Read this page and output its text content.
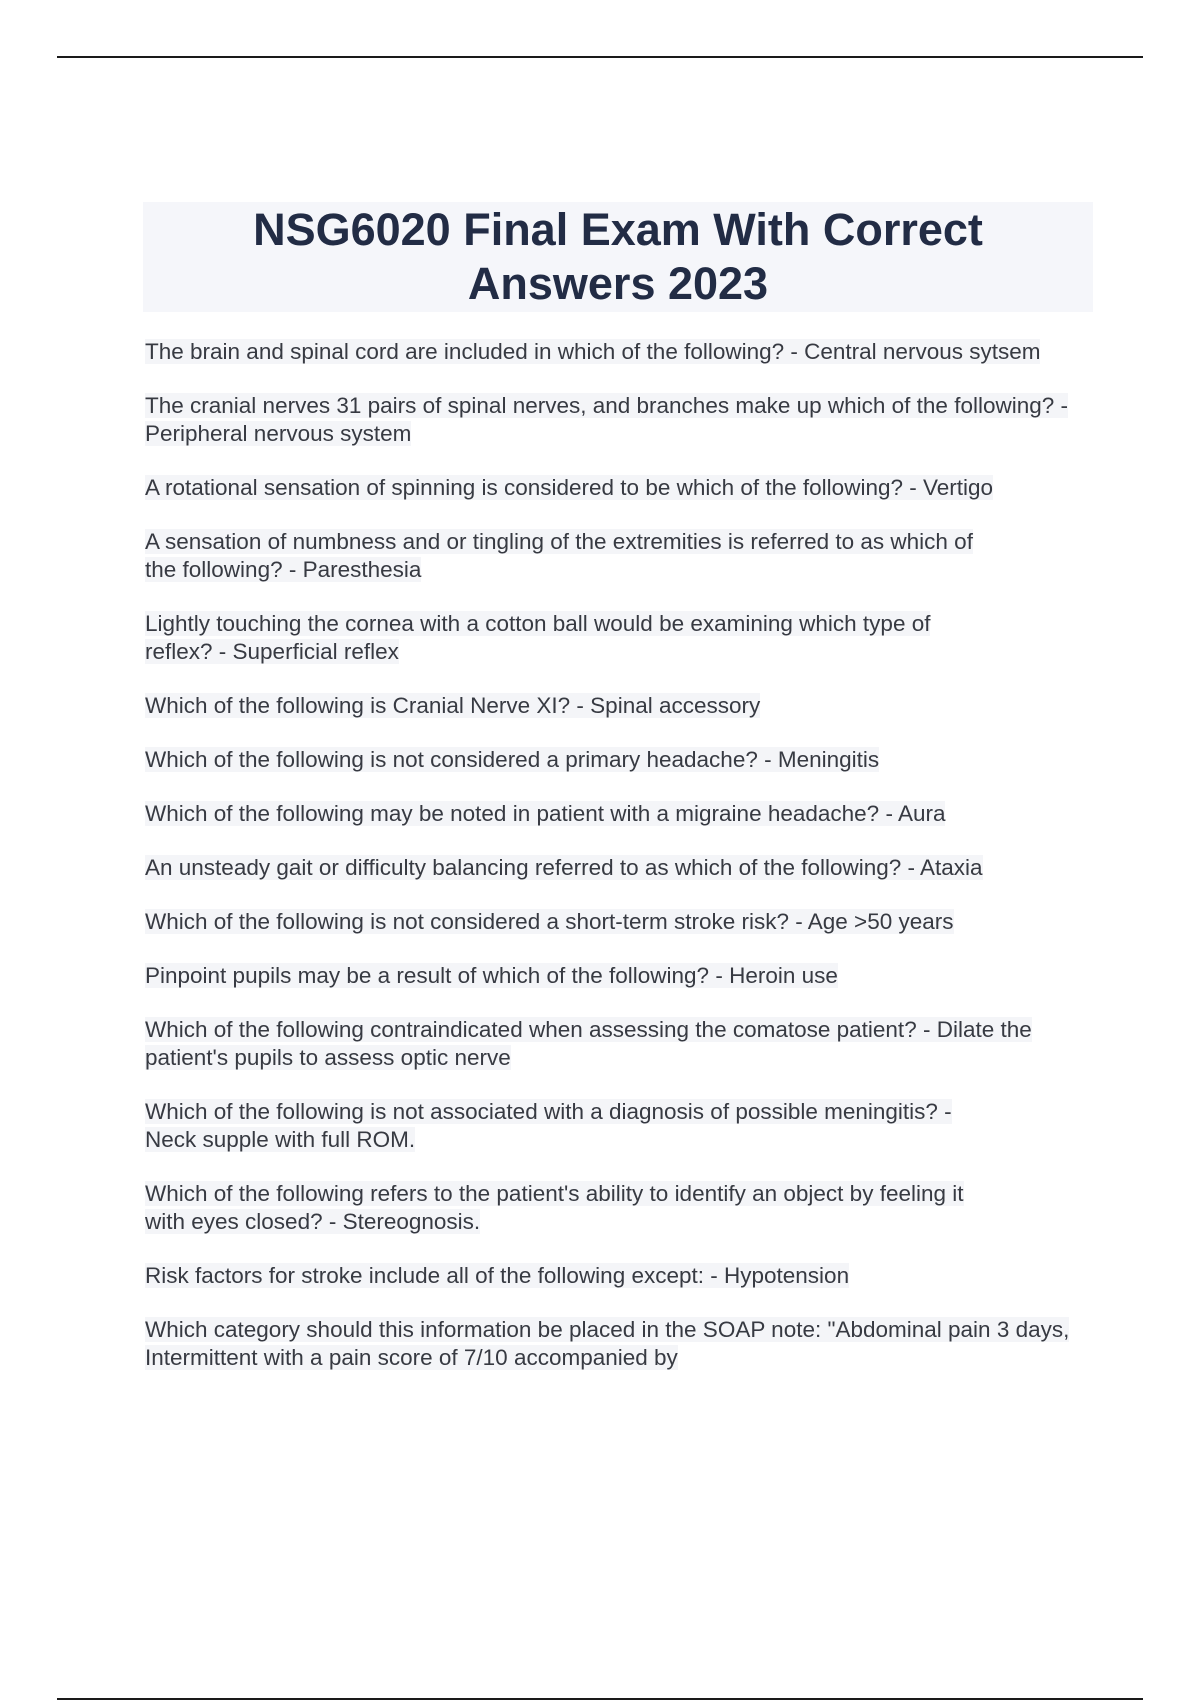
NSG6020 Final Exam With Correct
Answers 2023

The brain and spinal cord are included in which of the following? - Central nervous sytsem

The cranial nerves 31 pairs of spinal nerves, and branches make up which of the following? - Peripheral nervous system

A rotational sensation of spinning is considered to be which of the following? - Vertigo

A sensation of numbness and or tingling of the extremities is referred to as which of the following? - Paresthesia

Lightly touching the cornea with a cotton ball would be examining which type of reflex? - Superficial reflex

Which of the following is Cranial Nerve XI? - Spinal accessory

Which of the following is not considered a primary headache? - Meningitis

Which of the following may be noted in patient with a migraine headache? - Aura

An unsteady gait or difficulty balancing referred to as which of the following? - Ataxia

Which of the following is not considered a short-term stroke risk? - Age >50 years

Pinpoint pupils may be a result of which of the following? - Heroin use

Which of the following contraindicated when assessing the comatose patient? - Dilate the patient's pupils to assess optic nerve

Which of the following is not associated with a diagnosis of possible meningitis? - Neck supple with full ROM.

Which of the following refers to the patient's ability to identify an object by feeling it with eyes closed? - Stereognosis.

Risk factors for stroke include all of the following except: - Hypotension

Which category should this information be placed in the SOAP note: "Abdominal pain 3 days, Intermittent with a pain score of 7/10 accompanied by
